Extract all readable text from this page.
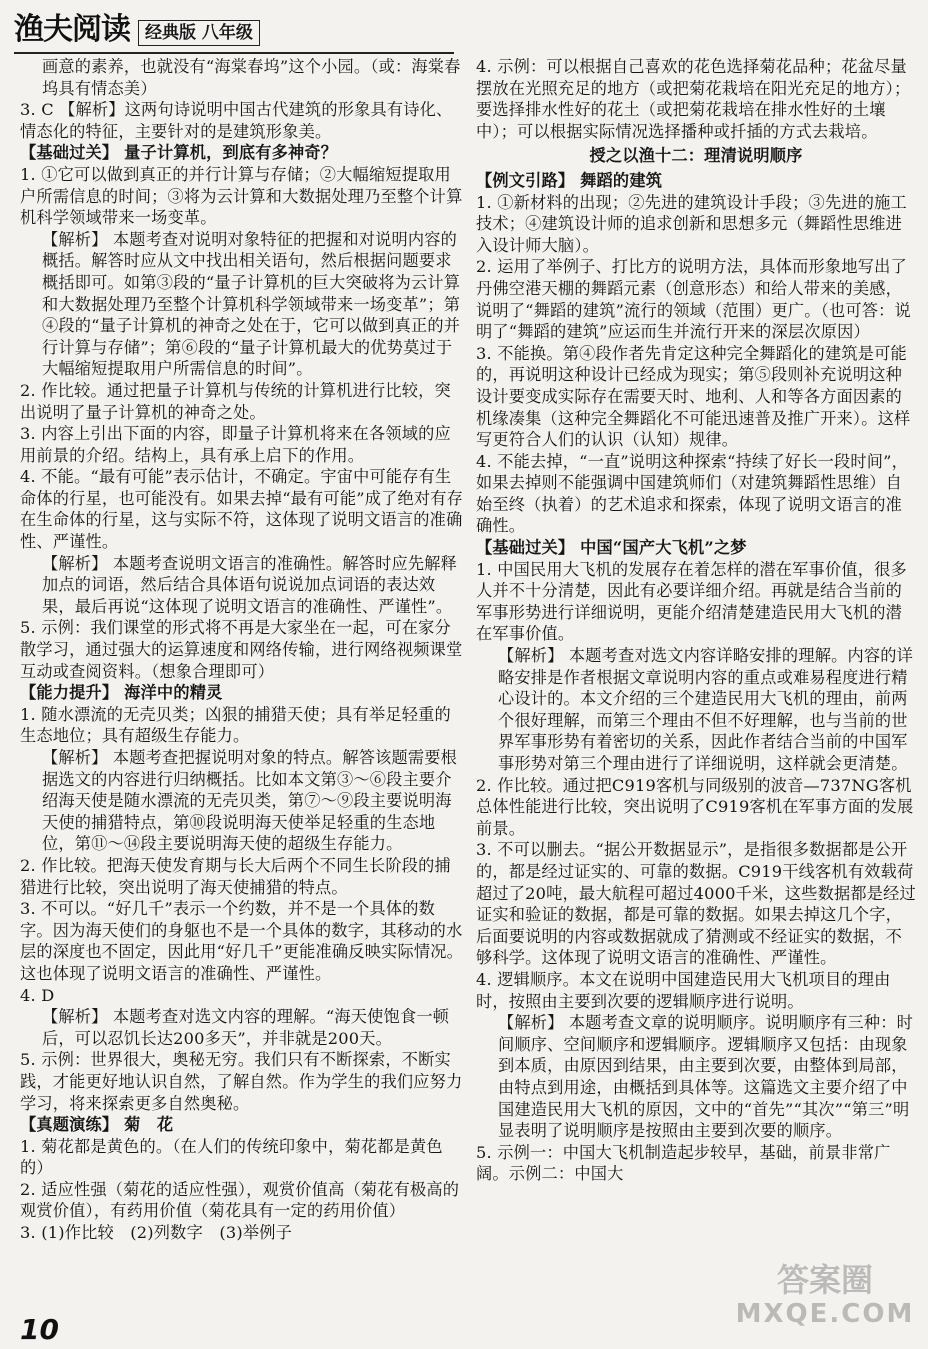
渔夫阅读 经典版 八年级

画意的素养，也就没有“海棠春坞”这个小园。（或：海棠春坞具有情态美）

3. C 【解析】这两句诗说明中国古代建筑的形象具有诗化、情态化的特征，主要针对的是建筑形象美。

【基础过关】 量子计算机，到底有多神奇？

1. ①它可以做到真正的并行计算与存储；②大幅缩短提取用户所需信息的时间；③将为云计算和大数据处理乃至整个计算机科学领域带来一场变革。

【解析】 本题考查对说明对象特征的把握和对说明内容的概括。解答时应从文中找出相关语句，然后根据问题要求概括即可。如第③段的“量子计算机的巨大突破将为云计算和大数据处理乃至整个计算机科学领域带来一场变革”；第④段的“量子计算机的神奇之处在于，它可以做到真正的并行计算与存储”；第⑥段的“量子计算机最大的优势莫过于大幅缩短提取用户所需信息的时间”。

2. 作比较。通过把量子计算机与传统的计算机进行比较，突出说明了量子计算机的神奇之处。

3. 内容上引出下面的内容，即量子计算机将来在各领域的应用前景的介绍。结构上，具有承上启下的作用。

4. 不能。“最有可能”表示估计，不确定。宇宙中可能存有生命体的行星，也可能没有。如果去掉“最有可能”成了绝对有存在生命体的行星，这与实际不符，这体现了说明文语言的准确性、严谨性。

【解析】 本题考查说明文语言的准确性。解答时应先解释加点的词语，然后结合具体语句说说加点词语的表达效果，最后再说“这体现了说明文语言的准确性、严谨性”。

5. 示例：我们课堂的形式将不再是大家坐在一起，可在家分散学习，通过强大的运算速度和网络传输，进行网络视频课堂互动或查阅资料。（想象合理即可）

【能力提升】 海洋中的精灵

1. 随水漂流的无壳贝类；凶狠的捕猎天使；具有举足轻重的生态地位；具有超级生存能力。

【解析】 本题考查把握说明对象的特点。解答该题需要根据选文的内容进行归纳概括。比如本文第③～⑥段主要介绍海天使是随水漂流的无壳贝类，第⑦～⑨段主要说明海天使的捕猎特点，第⑩段说明海天使举足轻重的生态地位，第⑪～⑭段主要说明海天使的超级生存能力。

2. 作比较。把海天使发育期与长大后两个不同生长阶段的捕猎进行比较，突出说明了海天使捕猎的特点。

3. 不可以。“好几千”表示一个约数，并不是一个具体的数字。因为海天使们的身躯也不是一个具体的数字，其移动的水层的深度也不固定，因此用“好几千”更能准确反映实际情况。这也体现了说明文语言的准确性、严谨性。

4. D

【解析】 本题考查对选文内容的理解。“海天使饱食一顿后，可以忍饥长达200多天”，并非就是200天。

5. 示例：世界很大，奥秘无穷。我们只有不断探索，不断实践，才能更好地认识自然，了解自然。作为学生的我们应努力学习，将来探索更多自然奥秘。

【真题演练】 菊　花

1. 菊花都是黄色的。（在人们的传统印象中，菊花都是黄色的）

2. 适应性强（菊花的适应性强），观赏价值高（菊花有极高的观赏价值），有药用价值（菊花具有一定的药用价值）

3. (1)作比较　(2)列数字　(3)举例子

4. 示例：可以根据自己喜欢的花色选择菊花品种；花盆尽量摆放在光照充足的地方（或把菊花栽培在阳光充足的地方）；要选择排水性好的花土（或把菊花栽培在排水性好的土壤中）；可以根据实际情况选择播种或扦插的方式去栽培。

授之以渔十二：理清说明顺序

【例文引路】 舞蹈的建筑

1. ①新材料的出现；②先进的建筑设计手段；③先进的施工技术；④建筑设计师的追求创新和思想多元（舞蹈性思维进入设计师大脑）。

2. 运用了举例子、打比方的说明方法，具体而形象地写出了丹佛空港天棚的舞蹈元素（创意形态）和给人带来的美感，说明了“舞蹈的建筑”流行的领域（范围）更广。（也可答：说明了“舞蹈的建筑”应运而生并流行开来的深层次原因）

3. 不能换。第④段作者先肯定这种完全舞蹈化的建筑是可能的，再说明这种设计已经成为现实；第⑤段则补充说明这种设计要变成实际存在需要天时、地利、人和等各方面因素的机缘凑集（这种完全舞蹈化不可能迅速普及推广开来）。这样写更符合人们的认识（认知）规律。

4. 不能去掉，“一直”说明这种探索“持续了好长一段时间”，如果去掉则不能强调中国建筑师们（对建筑舞蹈性思维）自始至终（执着）的艺术追求和探索，体现了说明文语言的准确性。

【基础过关】 中国“国产大飞机”之梦

1. 中国民用大飞机的发展存在着怎样的潜在军事价值，很多人并不十分清楚，因此有必要详细介绍。再就是结合当前的军事形势进行详细说明，更能介绍清楚建造民用大飞机的潜在军事价值。

【解析】 本题考查对选文内容详略安排的理解。内容的详略安排是作者根据文章说明内容的重点或难易程度进行精心设计的。本文介绍的三个建造民用大飞机的理由，前两个很好理解，而第三个理由不但不好理解，也与当前的世界军事形势有着密切的关系，因此作者结合当前的中国军事形势对第三个理由进行了详细说明，这样就会更清楚。

2. 作比较。通过把C919客机与同级别的波音—737NG客机总体性能进行比较，突出说明了C919客机在军事方面的发展前景。

3. 不可以删去。“据公开数据显示”，是指很多数据都是公开的，都是经过证实的、可靠的数据。C919干线客机有效载荷超过了20吨，最大航程可超过4000千米，这些数据都是经过证实和验证的数据，都是可靠的数据。如果去掉这几个字，后面要说明的内容或数据就成了猜测或不经证实的数据，不够科学。这体现了说明文语言的准确性、严谨性。

4. 逻辑顺序。本文在说明中国建造民用大飞机项目的理由时，按照由主要到次要的逻辑顺序进行说明。

【解析】 本题考查文章的说明顺序。说明顺序有三种：时间顺序、空间顺序和逻辑顺序。逻辑顺序又包括：由现象到本质，由原因到结果，由主要到次要，由整体到局部，由特点到用途，由概括到具体等。这篇选文主要介绍了中国建造民用大飞机的原因，文中的“首先”“其次”“第三”明显表明了说明顺序是按照由主要到次要的顺序。

5. 示例一：中国大飞机制造起步较早，基础，前景非常广阔。示例二：中国大

10
答案圈
MXQE.COM
